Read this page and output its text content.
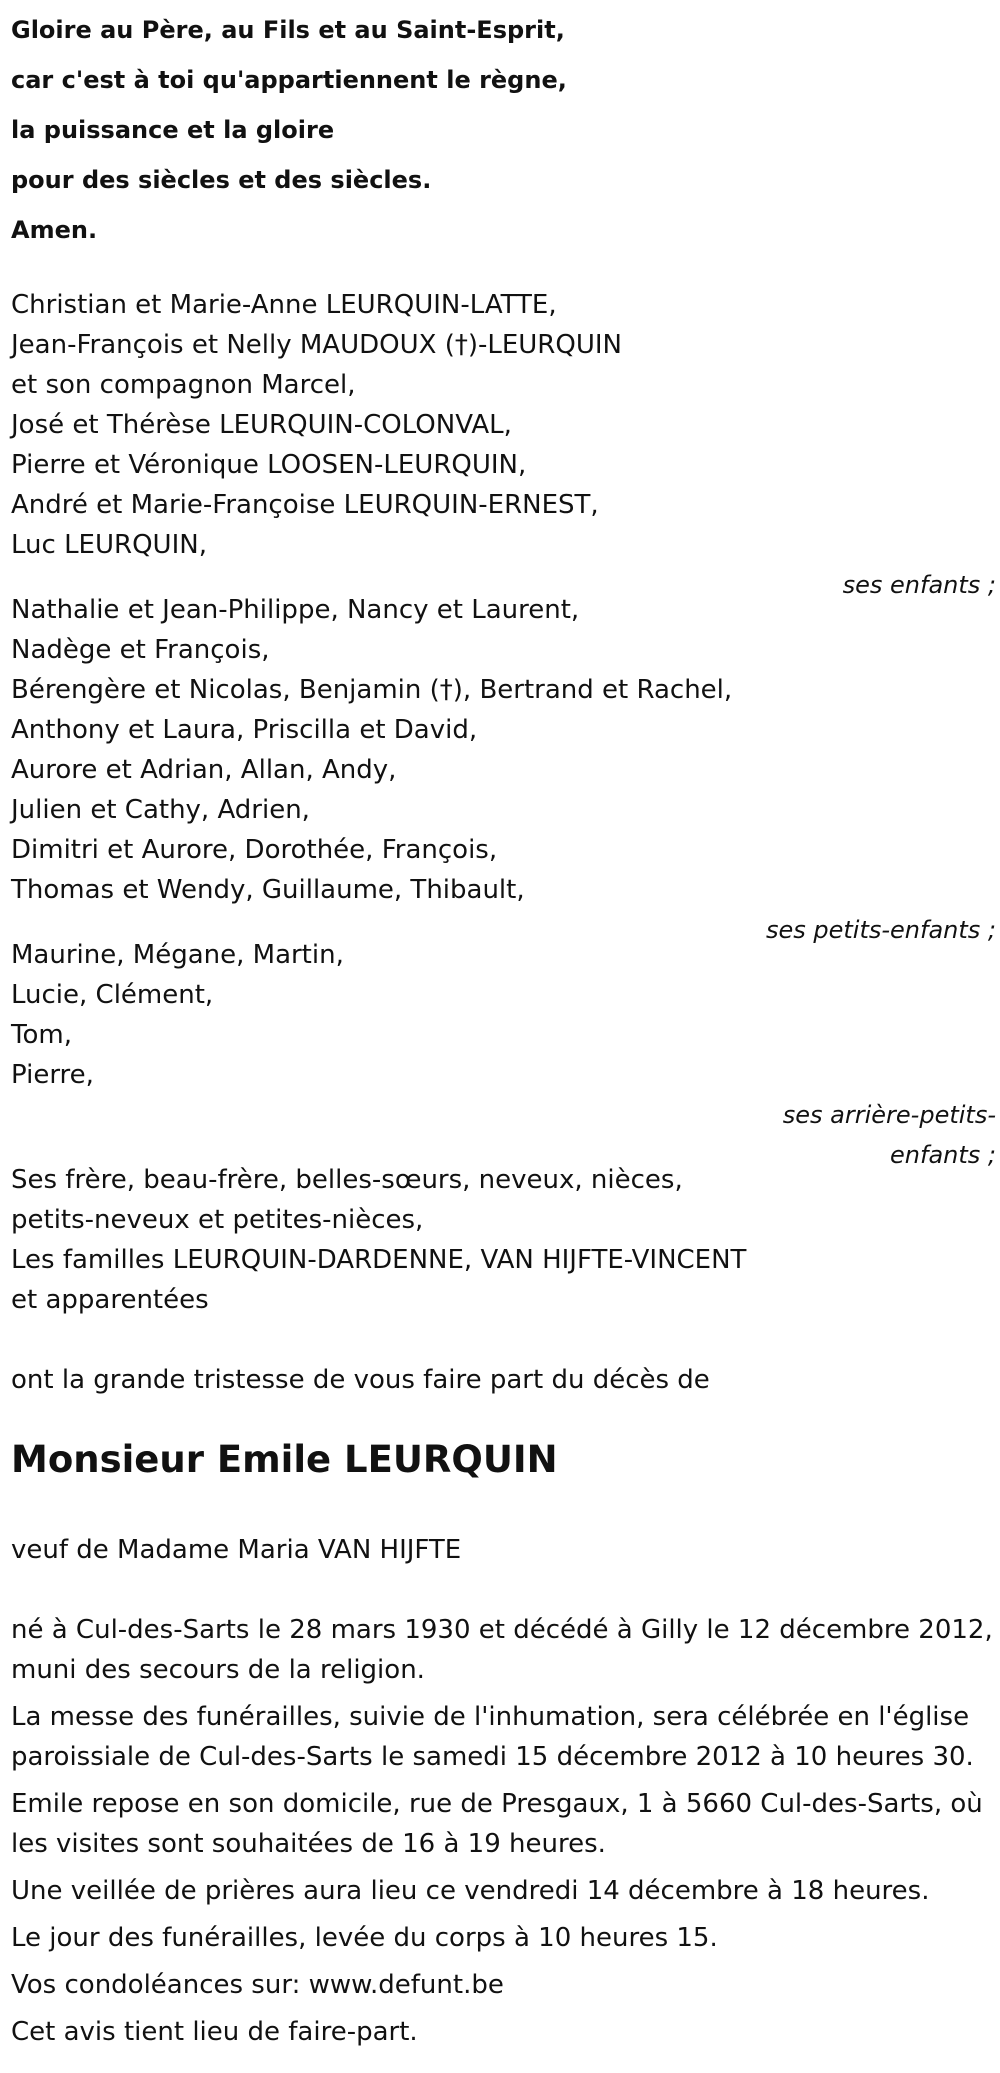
Gloire au Père, au Fils et au Saint-Esprit,
car c'est à toi qu'appartiennent le règne,
la puissance et la gloire
pour des siècles et des siècles.
Amen.
Christian et Marie-Anne LEURQUIN-LATTE,
Jean-François et Nelly MAUDOUX (†)-LEURQUIN
et son compagnon Marcel,
José et Thérèse LEURQUIN-COLONVAL,
Pierre et Véronique LOOSEN-LEURQUIN,
André et Marie-Françoise LEURQUIN-ERNEST,
Luc LEURQUIN,
ses enfants ;
Nathalie et Jean-Philippe, Nancy et Laurent,
Nadège et François,
Bérengère et Nicolas, Benjamin (†), Bertrand et Rachel,
Anthony et Laura, Priscilla et David,
Aurore et Adrian, Allan, Andy,
Julien et Cathy, Adrien,
Dimitri et Aurore, Dorothée, François,
Thomas et Wendy, Guillaume, Thibault,
ses petits-enfants ;
Maurine, Mégane, Martin,
Lucie, Clément,
Tom,
Pierre,
ses arrière-petits-
enfants ;
Ses frère, beau-frère, belles-sœurs, neveux, nièces,
petits-neveux et petites-nièces,
Les familles LEURQUIN-DARDENNE, VAN HIJFTE-VINCENT
et apparentées
ont la grande tristesse de vous faire part du décès de
Monsieur Emile LEURQUIN
veuf de Madame Maria VAN HIJFTE
né à Cul-des-Sarts le 28 mars 1930 et décédé à Gilly le 12 décembre 2012, muni des secours de la religion.
La messe des funérailles, suivie de l'inhumation, sera célébrée en l'église paroissiale de Cul-des-Sarts le samedi 15 décembre 2012 à 10 heures 30.
Emile repose en son domicile, rue de Presgaux, 1 à 5660 Cul-des-Sarts, où les visites sont souhaitées de 16 à 19 heures.
Une veillée de prières aura lieu ce vendredi 14 décembre à 18 heures.
Le jour des funérailles, levée du corps à 10 heures 15.
Vos condoléances sur: www.defunt.be
Cet avis tient lieu de faire-part.
